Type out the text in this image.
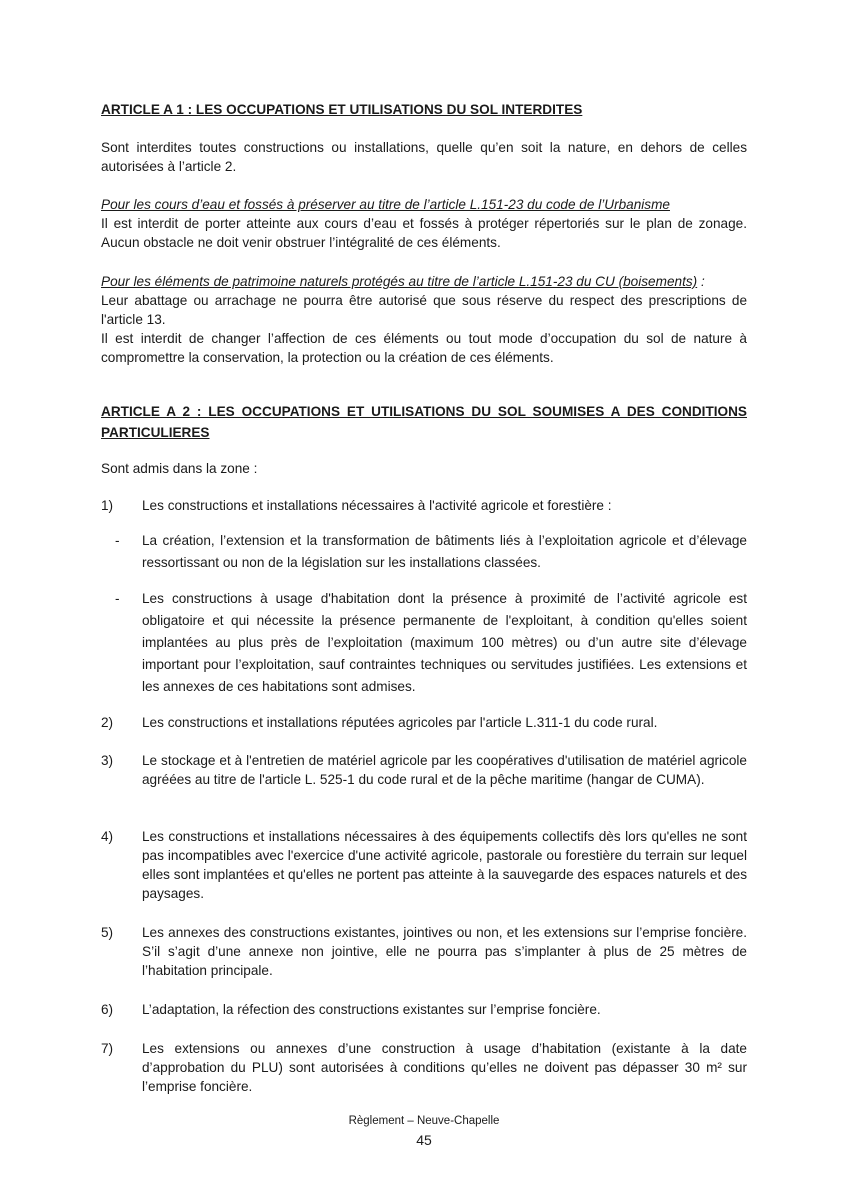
ARTICLE A 1 : LES OCCUPATIONS ET UTILISATIONS DU SOL INTERDITES

Sont interdites toutes constructions ou installations, quelle qu’en soit la nature, en dehors de celles autorisées à l’article 2.

Pour les cours d’eau et fossés à préserver au titre de l’article L.151-23 du code de l’Urbanisme
Il est interdit de porter atteinte aux cours d’eau et fossés à protéger répertoriés sur le plan de zonage. Aucun obstacle ne doit venir obstruer l’intégralité de ces éléments.

Pour les éléments de patrimoine naturels protégés au titre de l’article L.151-23 du CU (boisements) :
Leur abattage ou arrachage ne pourra être autorisé que sous réserve du respect des prescriptions de l'article 13.
Il est interdit de changer l’affection de ces éléments ou tout mode d’occupation du sol de nature à compromettre la conservation, la protection ou la création de ces éléments.

ARTICLE A 2 : LES OCCUPATIONS ET UTILISATIONS DU SOL SOUMISES A DES CONDITIONS PARTICULIERES

Sont admis dans la zone :

1)	Les constructions et installations nécessaires à l'activité agricole et forestière :
-	La création, l’extension et la transformation de bâtiments liés à l’exploitation agricole et d’élevage ressortissant ou non de la législation sur les installations classées.
-	Les constructions à usage d'habitation dont la présence à proximité de l’activité agricole est obligatoire et qui nécessite la présence permanente de l'exploitant, à condition qu'elles soient implantées au plus près de l’exploitation (maximum 100 mètres) ou d’un autre site d’élevage important pour l’exploitation, sauf contraintes techniques ou servitudes justifiées. Les extensions et les annexes de ces habitations sont admises.
2)	Les constructions et installations réputées agricoles par l'article L.311-1 du code rural.
3)	Le stockage et à l'entretien de matériel agricole par les coopératives d'utilisation de matériel agricole agréées au titre de l'article L. 525-1 du code rural et de la pêche maritime (hangar de CUMA).
4)	Les constructions et installations nécessaires à des équipements collectifs dès lors qu'elles ne sont pas incompatibles avec l'exercice d'une activité agricole, pastorale ou forestière du terrain sur lequel elles sont implantées et qu'elles ne portent pas atteinte à la sauvegarde des espaces naturels et des paysages.
5)	Les annexes des constructions existantes, jointives ou non, et les extensions sur l’emprise foncière. S’il s’agit d’une annexe non jointive, elle ne pourra pas s’implanter à plus de 25 mètres de l’habitation principale.
6)	L’adaptation, la réfection des constructions existantes sur l’emprise foncière.
7)	Les extensions ou annexes d’une construction à usage d’habitation (existante à la date d’approbation du PLU) sont autorisées à conditions qu’elles ne doivent pas dépasser 30 m² sur l’emprise foncière.
Règlement – Neuve-Chapelle
45
